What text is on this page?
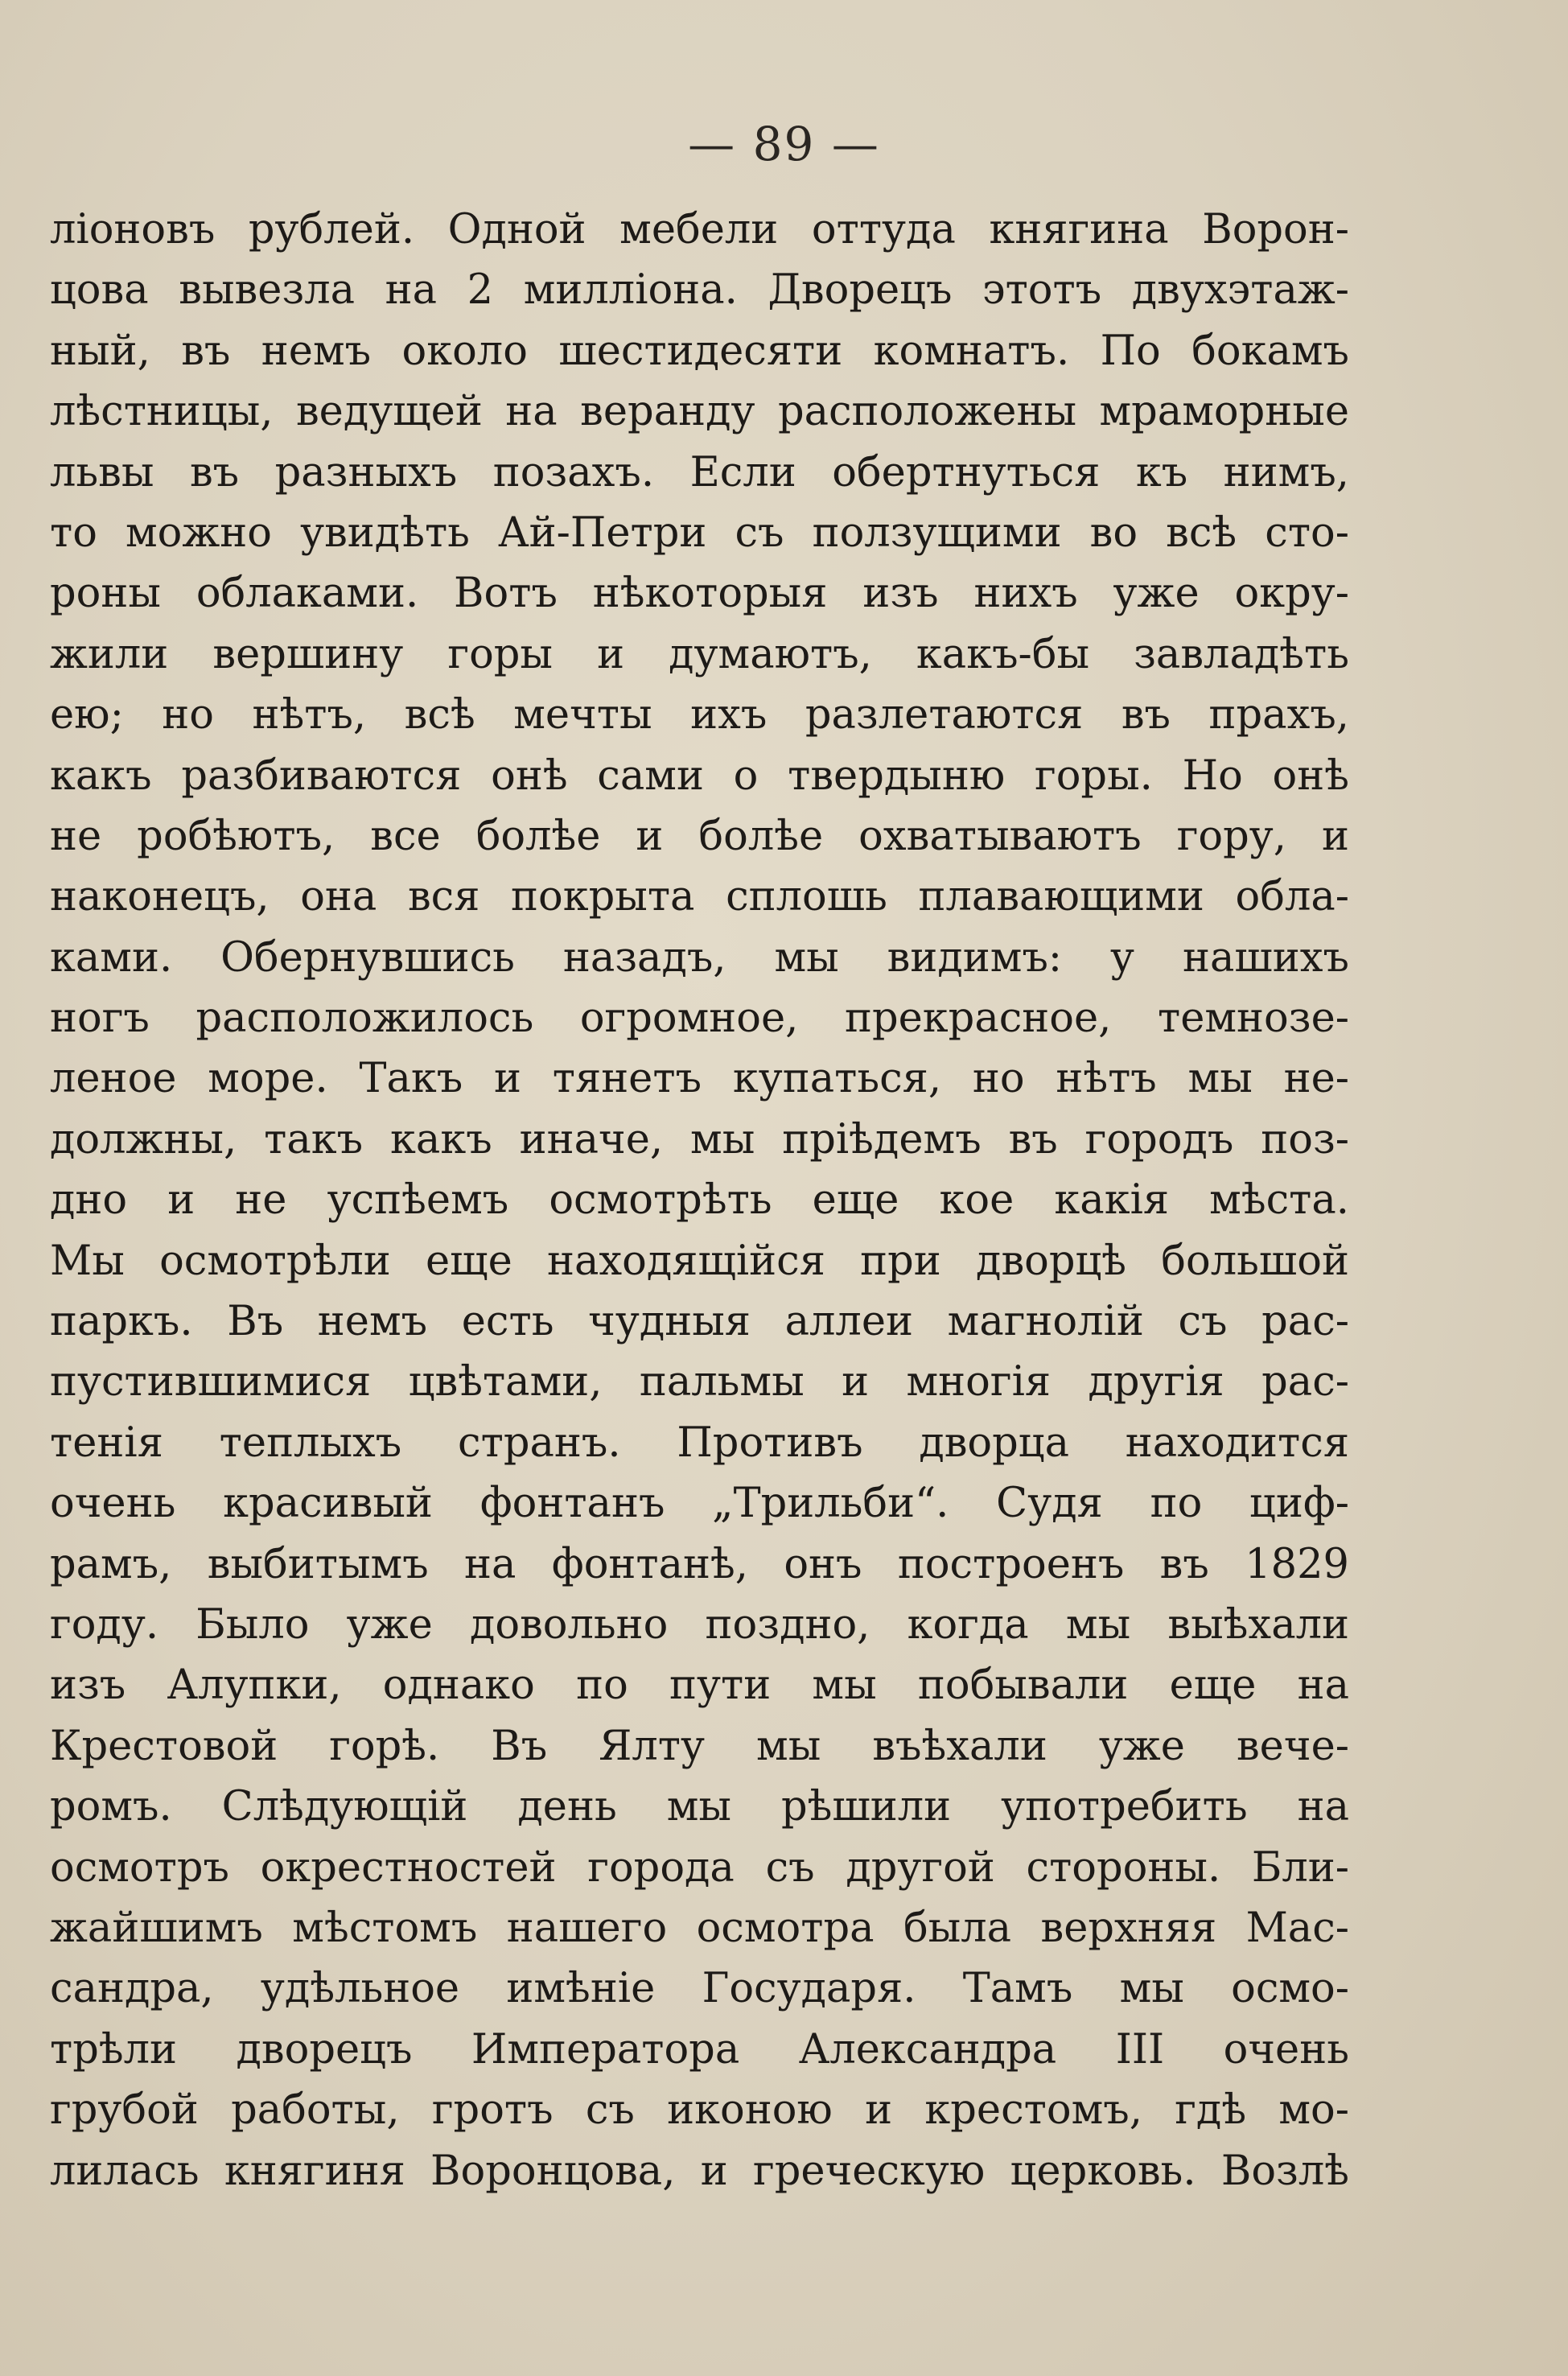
— 89 —
ліоновъ рублей. Одной мебели оттуда княгина Ворон-
цова вывезла на 2 милліона. Дворецъ этотъ двухэтаж-
ный, въ немъ около шестидесяти комнатъ. По бокамъ
лѣстницы, ведущей на веранду расположены мраморные
львы въ разныхъ позахъ. Если обертнуться къ нимъ,
то можно увидѣть Ай-Петри съ ползущими во всѣ сто-
роны облаками. Вотъ нѣкоторыя изъ нихъ уже окру-
жили вершину горы и думаютъ, какъ-бы завладѣть
ею; но нѣтъ, всѣ мечты ихъ разлетаются въ прахъ,
какъ разбиваются онѣ сами о твердыню горы. Но онѣ
не робѣютъ, все болѣе и болѣе охватываютъ гору, и
наконецъ, она вся покрыта сплошь плавающими обла-
ками. Обернувшись назадъ, мы видимъ: у нашихъ
ногъ расположилось огромное, прекрасное, темнозе-
леное море. Такъ и тянетъ купаться, но нѣтъ мы не-
должны, такъ какъ иначе, мы пріѣдемъ въ городъ поз-
дно и не успѣемъ осмотрѣть еще кое какія мѣста.
Мы осмотрѣли еще находящійся при дворцѣ большой
паркъ. Въ немъ есть чудныя аллеи магнолій съ рас-
пустившимися цвѣтами, пальмы и многія другія рас-
тенія теплыхъ странъ. Противъ дворца находится
очень красивый фонтанъ „Трильби“. Судя по циф-
рамъ, выбитымъ на фонтанѣ, онъ построенъ въ 1829
году. Было уже довольно поздно, когда мы выѣхали
изъ Алупки, однако по пути мы побывали еще на
Крестовой горѣ. Въ Ялту мы въѣхали уже вече-
ромъ. Слѣдующій день мы рѣшили употребить на
осмотръ окрестностей города съ другой стороны. Бли-
жайшимъ мѣстомъ нашего осмотра была верхняя Мас-
сандра, удѣльное имѣніе Государя. Тамъ мы осмо-
трѣли дворецъ Императора Александра III очень
грубой работы, гротъ съ иконою и крестомъ, гдѣ мо-
лилась княгиня Воронцова, и греческую церковь. Возлѣ
